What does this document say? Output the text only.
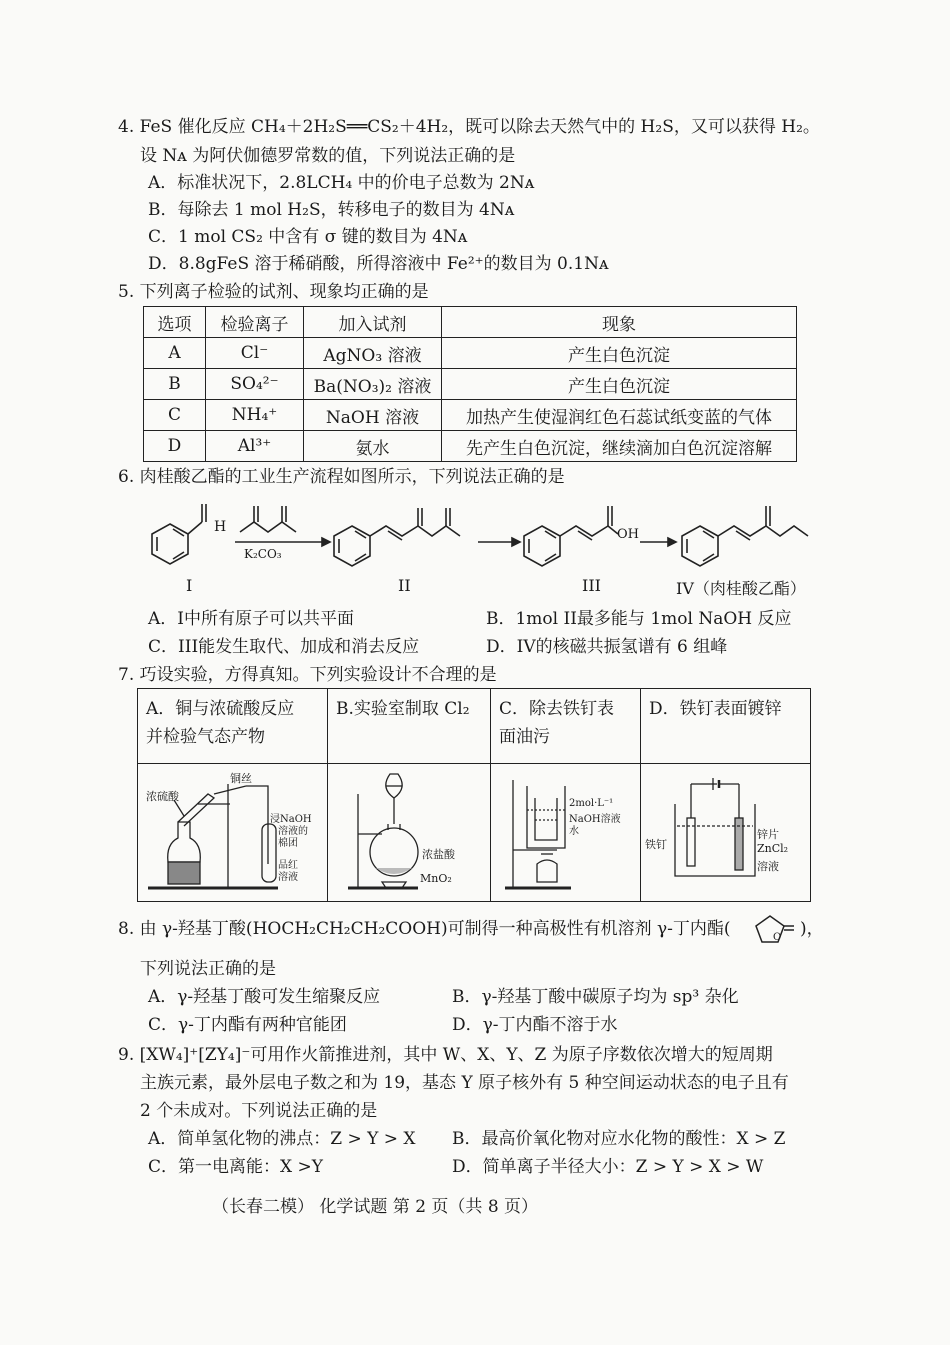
4. FeS 催化反应 CH₄＋2H₂S══CS₂＋4H₂，既可以除去天然气中的 H₂S，又可以获得 H₂。
设 Nᴀ 为阿伏伽德罗常数的值，下列说法正确的是
A．标准状况下，2.8LCH₄ 中的价电子总数为 2Nᴀ
B．每除去 1 mol H₂S，转移电子的数目为 4Nᴀ
C．1 mol CS₂ 中含有 σ 键的数目为 4Nᴀ
D．8.8gFeS 溶于稀硝酸，所得溶液中 Fe²⁺的数目为 0.1Nᴀ
5. 下列离子检验的试剂、现象均正确的是
选项	检验离子	加入试剂	现象
A	Cl⁻	AgNO₃ 溶液	产生白色沉淀
B	SO₄²⁻	Ba(NO₃)₂ 溶液	产生白色沉淀
C	NH₄⁺	NaOH 溶液	加热产生使湿润红色石蕊试纸变蓝的气体
D	Al³⁺	氨水	先产生白色沉淀，继续滴加白色沉淀溶解
6. 肉桂酸乙酯的工业生产流程如图所示，下列说法正确的是
H
K₂CO₃
OH
I	II	III	IV（肉桂酸乙酯）
A．I中所有原子可以共平面	B．1mol II最多能与 1mol NaOH 反应
C．III能发生取代、加成和消去反应	D．IV的核磁共振氢谱有 6 组峰
7. 巧设实验，方得真知。下列实验设计不合理的是
A．铜与浓硫酸反应
并检验气态产物
B.实验室制取 Cl₂	C．除去铁钉表
面油污
D．铁钉表面镀锌
浓硫酸
铜丝
浸NaOH
溶液的
棉团
品红
溶液
浓盐酸
MnO₂
2mol·L⁻¹
NaOH溶液
水
铁钉
锌片
ZnCl₂
溶液
8. 由 γ-羟基丁酸(HOCH₂CH₂CH₂COOH)可制得一种高极性有机溶剂 γ-丁内酯(	O )，
下列说法正确的是
A．γ-羟基丁酸可发生缩聚反应	B．γ-羟基丁酸中碳原子均为 sp³ 杂化
C．γ-丁内酯有两种官能团	D．γ-丁内酯不溶于水
9. [XW₄]⁺[ZY₄]⁻可用作火箭推进剂，其中 W、X、Y、Z 为原子序数依次增大的短周期
主族元素，最外层电子数之和为 19，基态 Y 原子核外有 5 种空间运动状态的电子且有
2 个未成对。下列说法正确的是
A．简单氢化物的沸点：Z > Y > X B．最高价氧化物对应水化物的酸性：X > Z
C．第一电离能：X >Y	D．简单离子半径大小：Z > Y > X > W
（长春二模） 化学试题 第 2 页（共 8 页）
